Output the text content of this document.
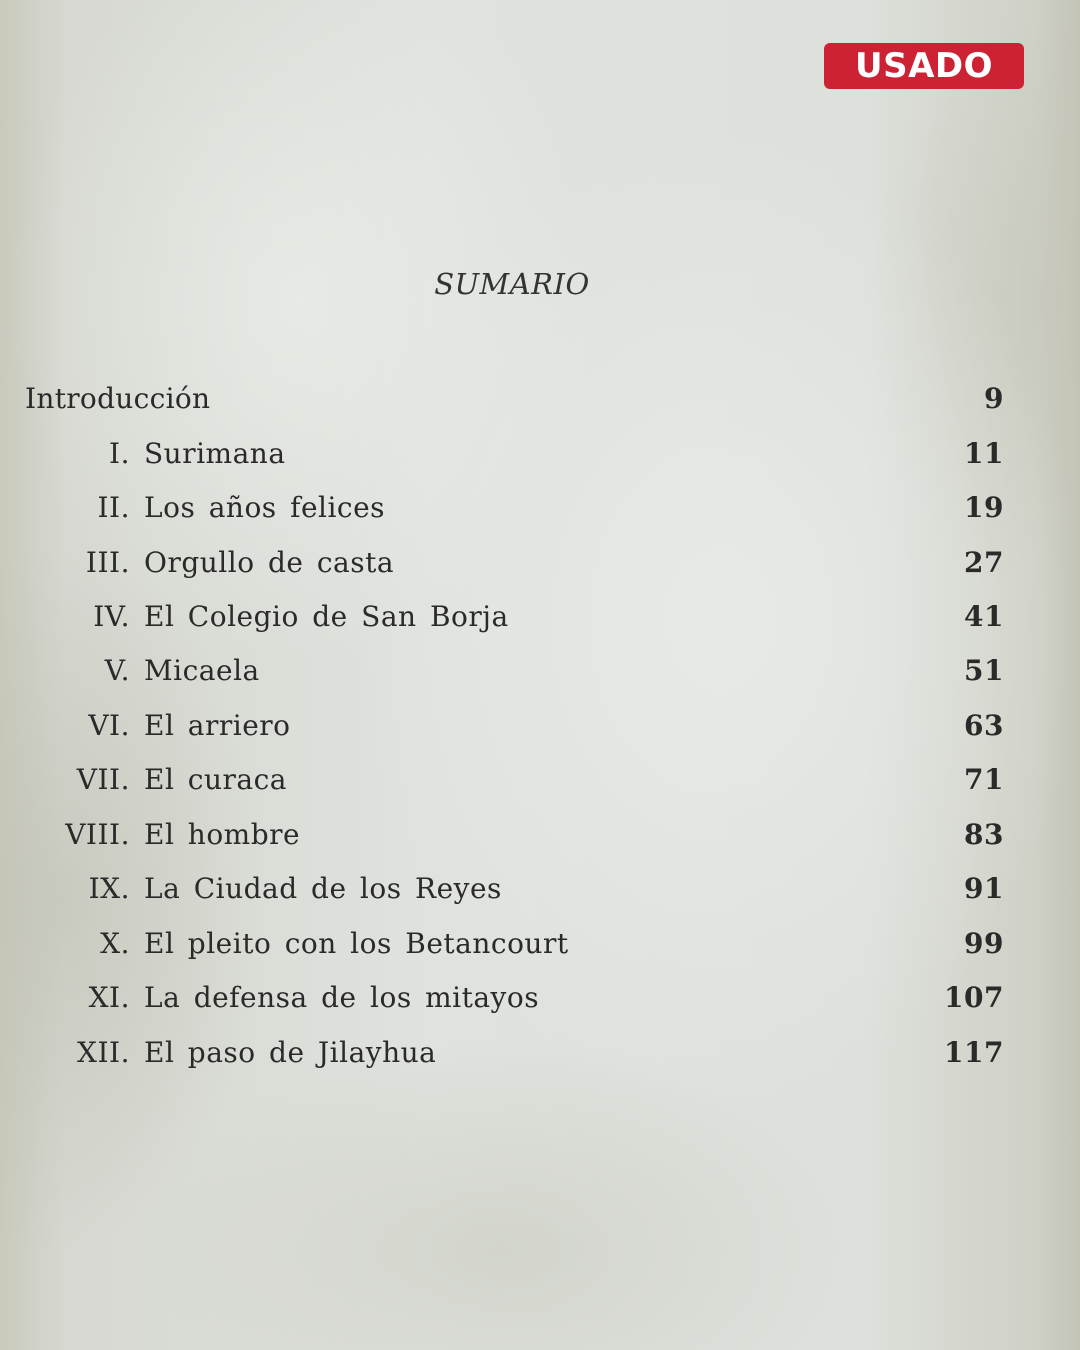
USADO
SUMARIO
Introducción	9
I. Surimana	11
II. Los años felices	19
III. Orgullo de casta	27
IV. El Colegio de San Borja	41
V. Micaela	51
VI. El arriero	63
VII. El curaca	71
VIII. El hombre	83
IX. La Ciudad de los Reyes	91
X. El pleito con los Betancourt	99
XI. La defensa de los mitayos	107
XII. El paso de Jilayhua	117
